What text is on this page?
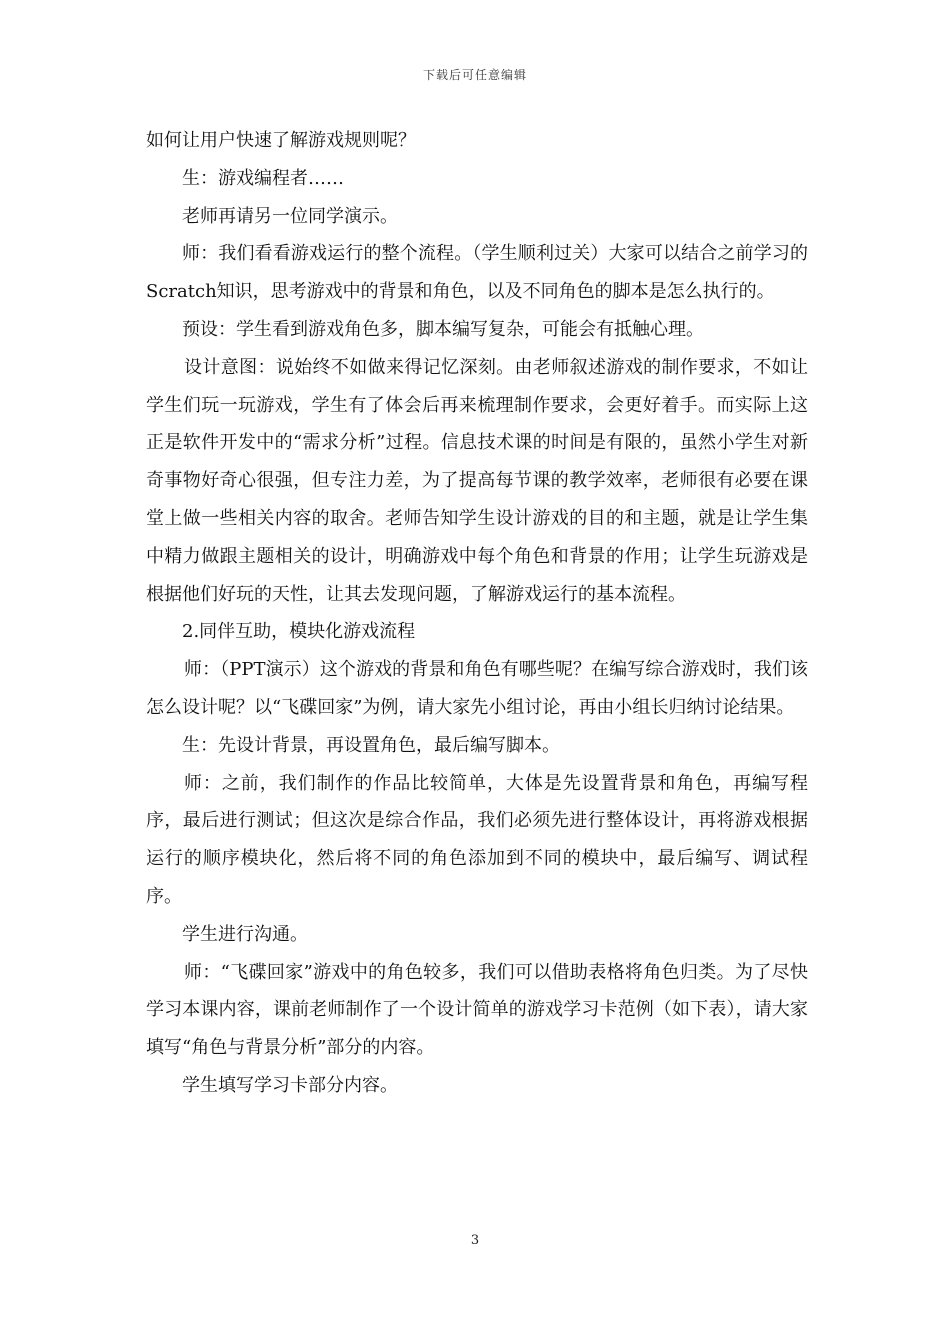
下载后可任意编辑

如何让用户快速了解游戏规则呢？

生：游戏编程者……

老师再请另一位同学演示。

师：我们看看游戏运行的整个流程。（学生顺利过关）大家可以结合之前学习的Scratch知识，思考游戏中的背景和角色，以及不同角色的脚本是怎么执行的。

预设：学生看到游戏角色多，脚本编写复杂，可能会有抵触心理。

设计意图：说始终不如做来得记忆深刻。由老师叙述游戏的制作要求，不如让学生们玩一玩游戏，学生有了体会后再来梳理制作要求，会更好着手。而实际上这正是软件开发中的“需求分析”过程。信息技术课的时间是有限的，虽然小学生对新奇事物好奇心很强，但专注力差，为了提高每节课的教学效率，老师很有必要在课堂上做一些相关内容的取舍。老师告知学生设计游戏的目的和主题，就是让学生集中精力做跟主题相关的设计，明确游戏中每个角色和背景的作用；让学生玩游戏是根据他们好玩的天性，让其去发现问题，了解游戏运行的基本流程。

2.同伴互助，模块化游戏流程

师：（PPT演示）这个游戏的背景和角色有哪些呢？在编写综合游戏时，我们该怎么设计呢？以“飞碟回家”为例，请大家先小组讨论，再由小组长归纳讨论结果。

生：先设计背景，再设置角色，最后编写脚本。

师：之前，我们制作的作品比较简单，大体是先设置背景和角色，再编写程序，最后进行测试；但这次是综合作品，我们必须先进行整体设计，再将游戏根据运行的顺序模块化，然后将不同的角色添加到不同的模块中，最后编写、调试程序。

学生进行沟通。

师：“飞碟回家”游戏中的角色较多，我们可以借助表格将角色归类。为了尽快学习本课内容，课前老师制作了一个设计简单的游戏学习卡范例（如下表），请大家填写“角色与背景分析”部分的内容。

学生填写学习卡部分内容。

3
